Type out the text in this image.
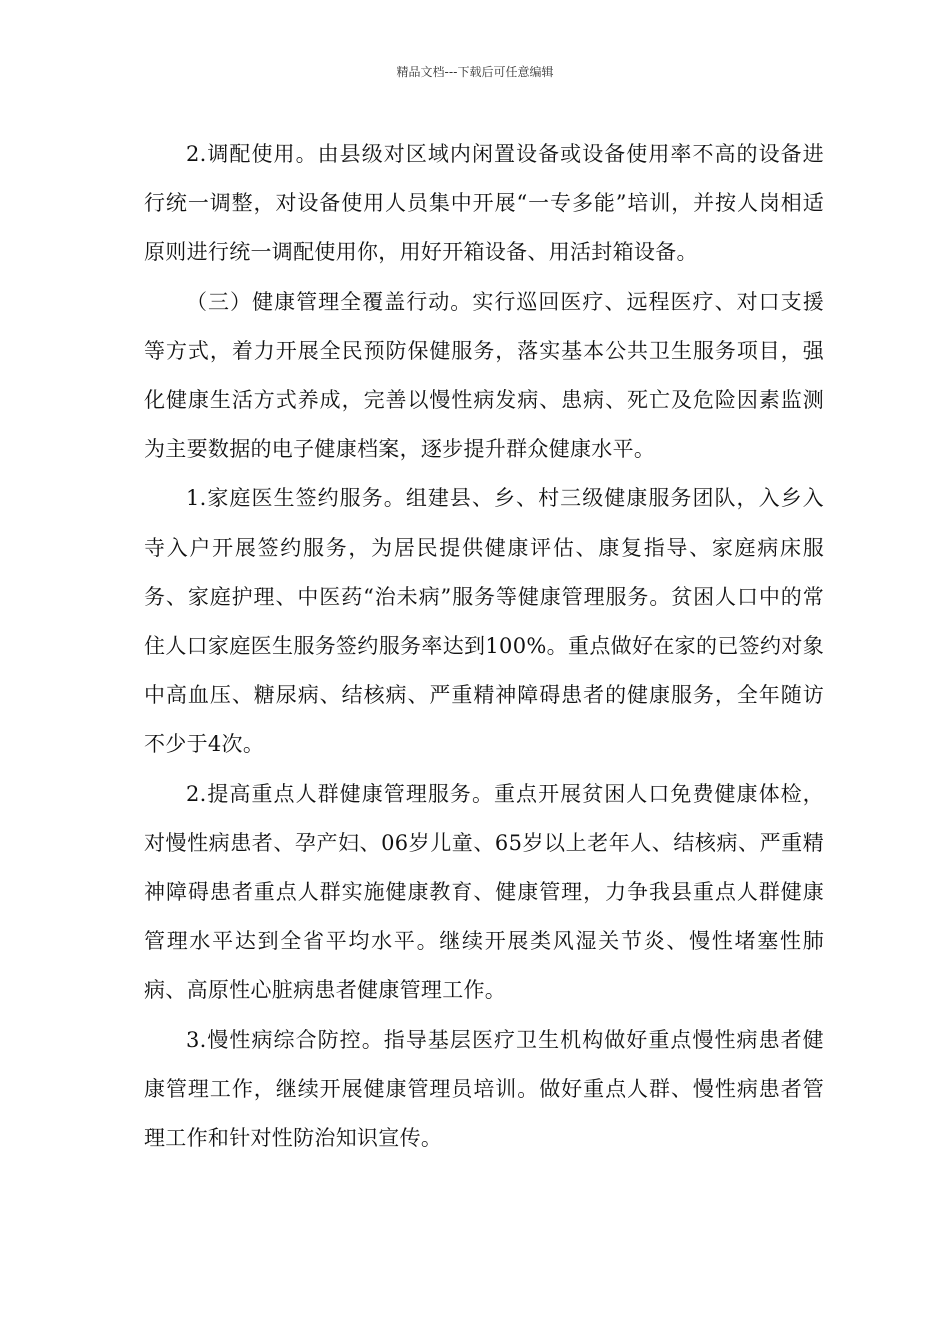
精品文档---下载后可任意编辑

2.调配使用。由县级对区域内闲置设备或设备使用率不高的设备进行统一调整，对设备使用人员集中开展“一专多能”培训，并按人岗相适原则进行统一调配使用你，用好开箱设备、用活封箱设备。

（三）健康管理全覆盖行动。实行巡回医疗、远程医疗、对口支援等方式，着力开展全民预防保健服务，落实基本公共卫生服务项目，强化健康生活方式养成，完善以慢性病发病、患病、死亡及危险因素监测为主要数据的电子健康档案，逐步提升群众健康水平。

1.家庭医生签约服务。组建县、乡、村三级健康服务团队，入乡入寺入户开展签约服务，为居民提供健康评估、康复指导、家庭病床服务、家庭护理、中医药“治未病”服务等健康管理服务。贫困人口中的常住人口家庭医生服务签约服务率达到100%。重点做好在家的已签约对象中高血压、糖尿病、结核病、严重精神障碍患者的健康服务，全年随访不少于4次。

2.提高重点人群健康管理服务。重点开展贫困人口免费健康体检，对慢性病患者、孕产妇、06岁儿童、65岁以上老年人、结核病、严重精神障碍患者重点人群实施健康教育、健康管理，力争我县重点人群健康管理水平达到全省平均水平。继续开展类风湿关节炎、慢性堵塞性肺病、高原性心脏病患者健康管理工作。

3.慢性病综合防控。指导基层医疗卫生机构做好重点慢性病患者健康管理工作，继续开展健康管理员培训。做好重点人群、慢性病患者管理工作和针对性防治知识宣传。
